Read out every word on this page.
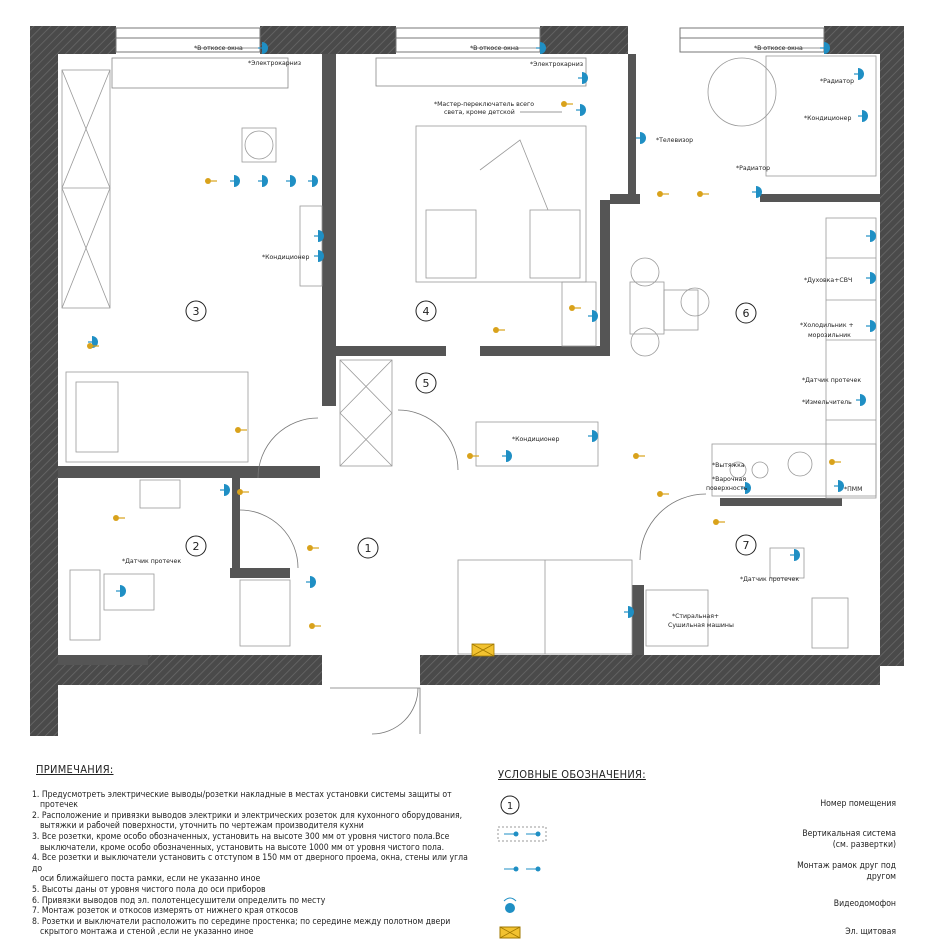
3	4
5
6
2	1	7
*В откосе окна	*В откосе окна	*В откосе окна
*Электрокарниз	*Электрокарниз
*Мастер-переключатель всего
света, кроме детской
*Радиатор
*Кондиционер
*Телевизор
*Радиатор
*Кондиционер
*Кондиционер
*Духовка+СВЧ
*Холодильник +
морозильник
*Датчик протечек
*Измельчитель
*Вытяжка
*Варочная
поверхность	*ПММ
*Датчик протечек
*Датчик протечек
*Стиральная+
Сушильная машины
ПРИМЕЧАНИЯ:
1. Предусмотреть электрические выводы/розетки накладные в местах установки системы защиты от
протечек
2. Расположение и привязки выводов электрики и электрических розеток для кухонного оборудования,
вытяжки и рабочей поверхности, уточнить по чертежам производителя кухни
3. Все розетки, кроме особо обозначенных, установить на высоте 300 мм от уровня чистого пола.Все
выключатели, кроме особо обозначенных, установить на высоте 1000 мм от уровня чистого пола.
4. Все розетки и выключатели установить с отступом в 150 мм от дверного проема, окна, стены или угла до
оси ближайшего поста рамки, если не указанно иное
5. Высоты даны от уровня чистого пола до оси приборов
6. Привязки выводов под эл. полотенцесушители определить по месту
7. Монтаж розеток и откосов измерять от нижнего края откосов
8. Розетки и выключатели расположить по середине простенка; по середине между полотном двери
скрытого монтажа и стеной ,если не указанно иное
УСЛОВНЫЕ ОБОЗНАЧЕНИЯ:
1	Номер помещения
Вертикальная система
(см. развертки)
Монтаж рамок друг под
другом
Видеодомофон
Эл. щитовая
